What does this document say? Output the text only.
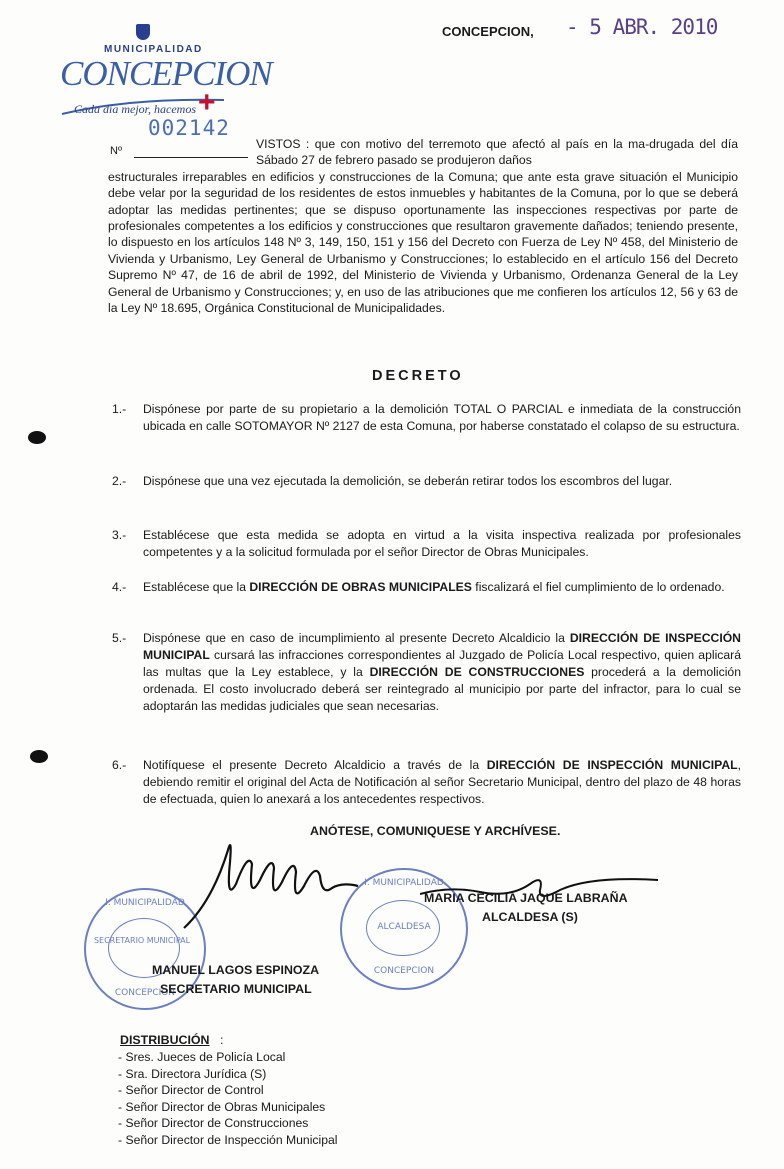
MUNICIPALIDAD
CONCEPCION
Cada día mejor, hacemos +
CONCEPCION, - 5 ABR. 2010
002142
Nº	VISTOS : que con motivo del terremoto que afectó al país en la ma-drugada del día Sábado 27 de febrero pasado se produjeron daños
estructurales irreparables en edificios y construcciones de la Comuna; que ante esta grave situación el Municipio debe velar por la seguridad de los residentes de estos inmuebles y habitantes de la Comuna, por lo que se deberá adoptar las medidas pertinentes; que se dispuso oportunamente las inspecciones respectivas por parte de profesionales competentes a los edificios y construcciones que resultaron gravemente dañados; teniendo presente, lo dispuesto en los artículos 148 Nº 3, 149, 150, 151 y 156 del Decreto con Fuerza de Ley Nº 458, del Ministerio de Vivienda y Urbanismo, Ley General de Urbanismo y Construcciones; lo establecido en el artículo 156 del Decreto Supremo Nº 47, de 16 de abril de 1992, del Ministerio de Vivienda y Urbanismo, Ordenanza General de la Ley General de Urbanismo y Construcciones; y, en uso de las atribuciones que me confieren los artículos 12, 56 y 63 de la Ley Nº 18.695, Orgánica Constitucional de Municipalidades.
DECRETO
1.- Dispónese por parte de su propietario a la demolición TOTAL O PARCIAL e inmediata de la construcción ubicada en calle SOTOMAYOR Nº 2127 de esta Comuna, por haberse constatado el colapso de su estructura.
2.- Dispónese que una vez ejecutada la demolición, se deberán retirar todos los escombros del lugar.
3.- Establécese que esta medida se adopta en virtud a la visita inspectiva realizada por profesionales competentes y a la solicitud formulada por el señor Director de Obras Municipales.
4.- Establécese que la DIRECCIÓN DE OBRAS MUNICIPALES fiscalizará el fiel cumplimiento de lo ordenado.
5.- Dispónese que en caso de incumplimiento al presente Decreto Alcaldicio la DIRECCIÓN DE INSPECCIÓN MUNICIPAL cursará las infracciones correspondientes al Juzgado de Policía Local respectivo, quien aplicará las multas que la Ley establece, y la DIRECCIÓN DE CONSTRUCCIONES procederá a la demolición ordenada. El costo involucrado deberá ser reintegrado al municipio por parte del infractor, para lo cual se adoptarán las medidas judiciales que sean necesarias.
6.- Notifíquese el presente Decreto Alcaldicio a través de la DIRECCIÓN DE INSPECCIÓN MUNICIPAL, debiendo remitir el original del Acta de Notificación al señor Secretario Municipal, dentro del plazo de 48 horas de efectuada, quien lo anexará a los antecedentes respectivos.
ANÓTESE, COMUNIQUESE Y ARCHÍVESE.
I. MUNICIPALIDAD
SECRETARIO MUNICIPAL
CONCEPCION
I. MUNICIPALIDAD
ALCALDESA
CONCEPCION
MARIA CECILIA JAQUE LABRAÑA
ALCALDESA (S)
MANUEL LAGOS ESPINOZA
SECRETARIO MUNICIPAL
DISTRIBUCIÓN :
- Sres. Jueces de Policía Local
- Sra. Directora Jurídica (S)
- Señor Director de Control
- Señor Director de Obras Municipales
- Señor Director de Construcciones
- Señor Director de Inspección Municipal
